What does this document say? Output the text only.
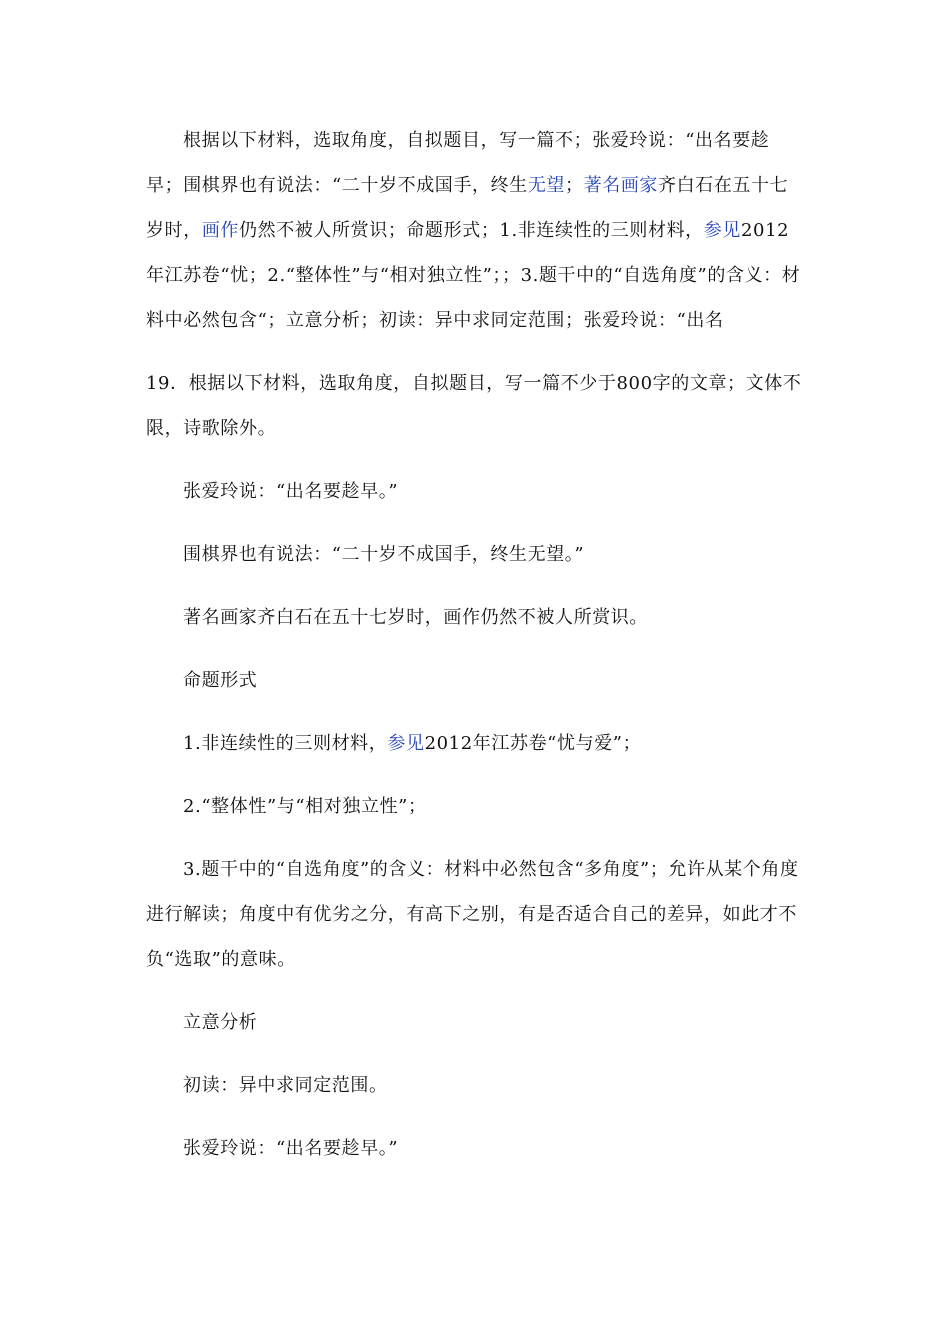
根据以下材料，选取角度，自拟题目，写一篇不；张爱玲说：“出名要趁早；围棋界也有说法：“二十岁不成国手，终生无望；著名画家齐白石在五十七岁时，画作仍然不被人所赏识；命题形式；1.非连续性的三则材料，参见2012年江苏卷“忧；2.“整体性”与“相对独立性”；；3.题干中的“自选角度”的含义：材料中必然包含“；立意分析；初读：异中求同定范围；张爱玲说：“出名

19．根据以下材料，选取角度，自拟题目，写一篇不少于800字的文章；文体不限，诗歌除外。

张爱玲说：“出名要趁早。”

围棋界也有说法：“二十岁不成国手，终生无望。”

著名画家齐白石在五十七岁时，画作仍然不被人所赏识。

命题形式

1.非连续性的三则材料，参见2012年江苏卷“忧与爱”；

2.“整体性”与“相对独立性”；

3.题干中的“自选角度”的含义：材料中必然包含“多角度”；允许从某个角度进行解读；角度中有优劣之分，有高下之别，有是否适合自己的差异，如此才不负“选取”的意味。

立意分析

初读：异中求同定范围。

张爱玲说：“出名要趁早。”
